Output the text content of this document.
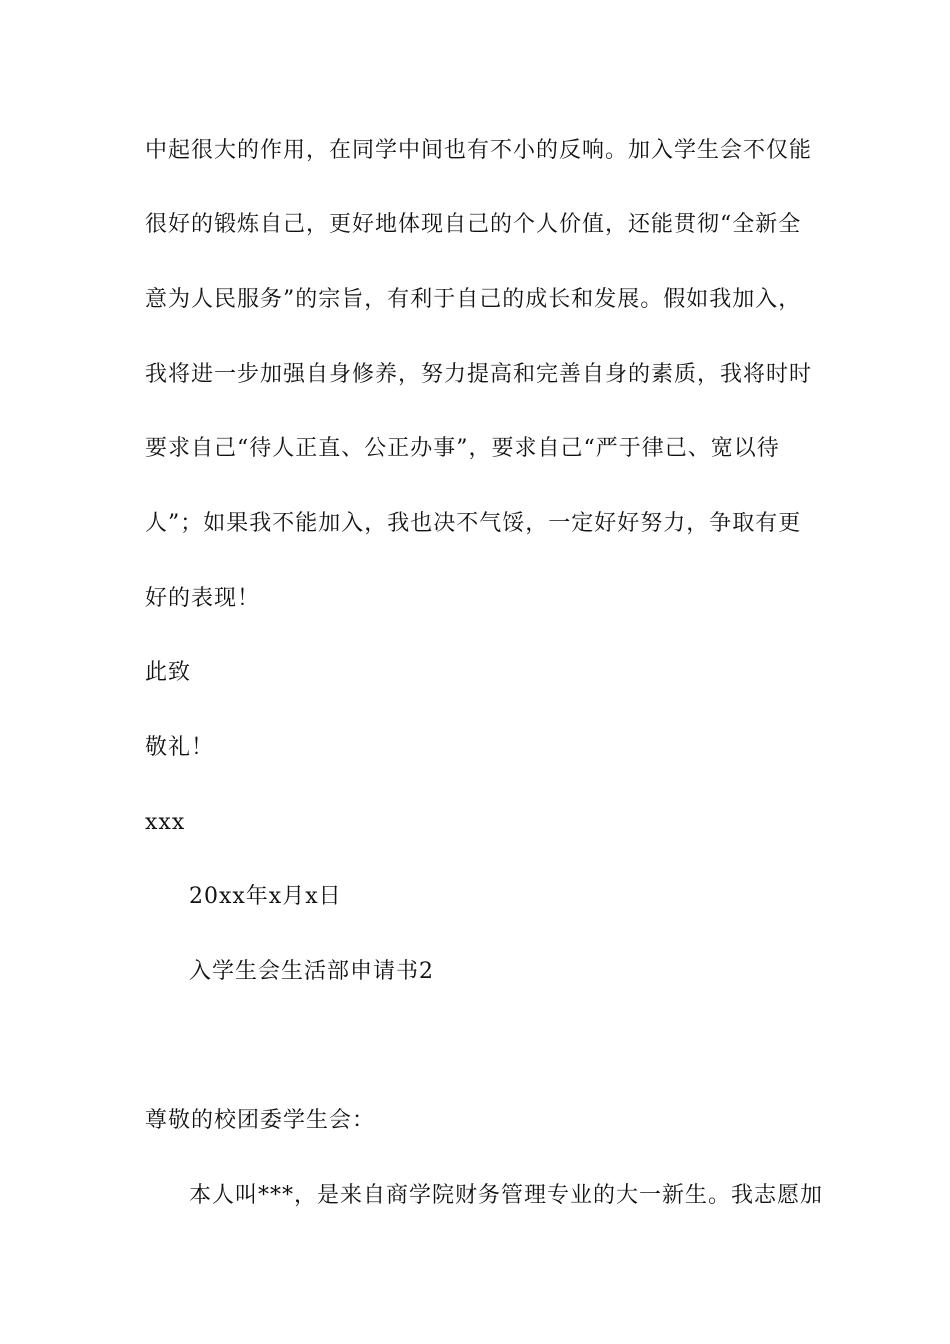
中起很大的作用，在同学中间也有不小的反响。加入学生会不仅能
很好的锻炼自己，更好地体现自己的个人价值，还能贯彻“全新全
意为人民服务”的宗旨，有利于自己的成长和发展。假如我加入，
我将进一步加强自身修养，努力提高和完善自身的素质，我将时时
要求自己“待人正直、公正办事”，要求自己“严于律己、宽以待
人”；如果我不能加入，我也决不气馁，一定好好努力，争取有更
好的表现！
此致
敬礼！
xxx
20xx年x月x日
入学生会生活部申请书2
尊敬的校团委学生会：
本人叫***，是来自商学院财务管理专业的大一新生。我志愿加
